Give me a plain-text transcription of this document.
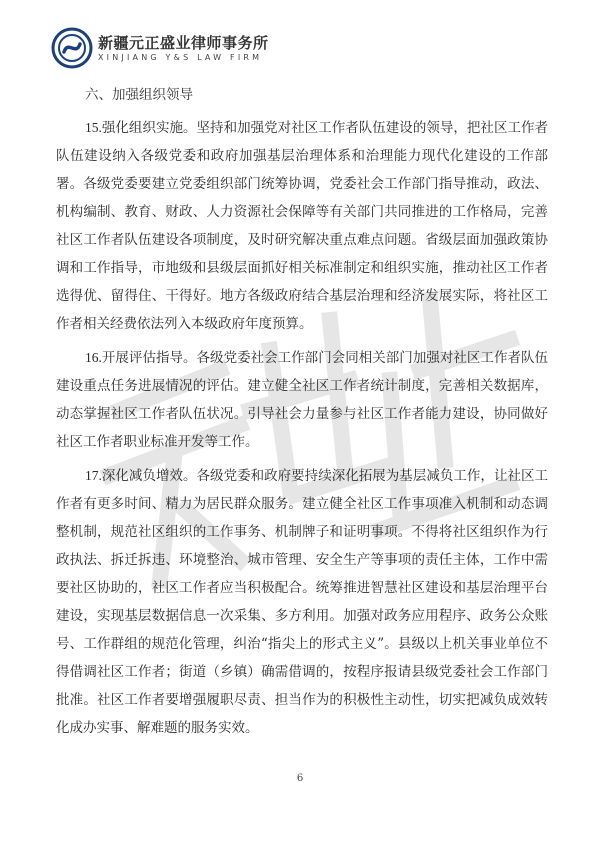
新疆元正盛业律师事务所
XINJIANG Y&S LAW FIRM
六、加强组织领导

15.强化组织实施。坚持和加强党对社区工作者队伍建设的领导，把社区工作者队伍建设纳入各级党委和政府加强基层治理体系和治理能力现代化建设的工作部署。各级党委要建立党委组织部门统筹协调，党委社会工作部门指导推动，政法、机构编制、教育、财政、人力资源社会保障等有关部门共同推进的工作格局，完善社区工作者队伍建设各项制度，及时研究解决重点难点问题。省级层面加强政策协调和工作指导，市地级和县级层面抓好相关标准制定和组织实施，推动社区工作者选得优、留得住、干得好。地方各级政府结合基层治理和经济发展实际，将社区工作者相关经费依法列入本级政府年度预算。

16.开展评估指导。各级党委社会工作部门会同相关部门加强对社区工作者队伍建设重点任务进展情况的评估。建立健全社区工作者统计制度，完善相关数据库，动态掌握社区工作者队伍状况。引导社会力量参与社区工作者能力建设，协同做好社区工作者职业标准开发等工作。

17.深化减负增效。各级党委和政府要持续深化拓展为基层减负工作，让社区工作者有更多时间、精力为居民群众服务。建立健全社区工作事项准入机制和动态调整机制，规范社区组织的工作事务、机制牌子和证明事项。不得将社区组织作为行政执法、拆迁拆违、环境整治、城市管理、安全生产等事项的责任主体，工作中需要社区协助的，社区工作者应当积极配合。统筹推进智慧社区建设和基层治理平台建设，实现基层数据信息一次采集、多方利用。加强对政务应用程序、政务公众账号、工作群组的规范化管理，纠治“指尖上的形式主义”。县级以上机关事业单位不得借调社区工作者；街道（乡镇）确需借调的，按程序报请县级党委社会工作部门批准。社区工作者要增强履职尽责、担当作为的积极性主动性，切实把减负成效转化成办实事、解难题的服务实效。

6
